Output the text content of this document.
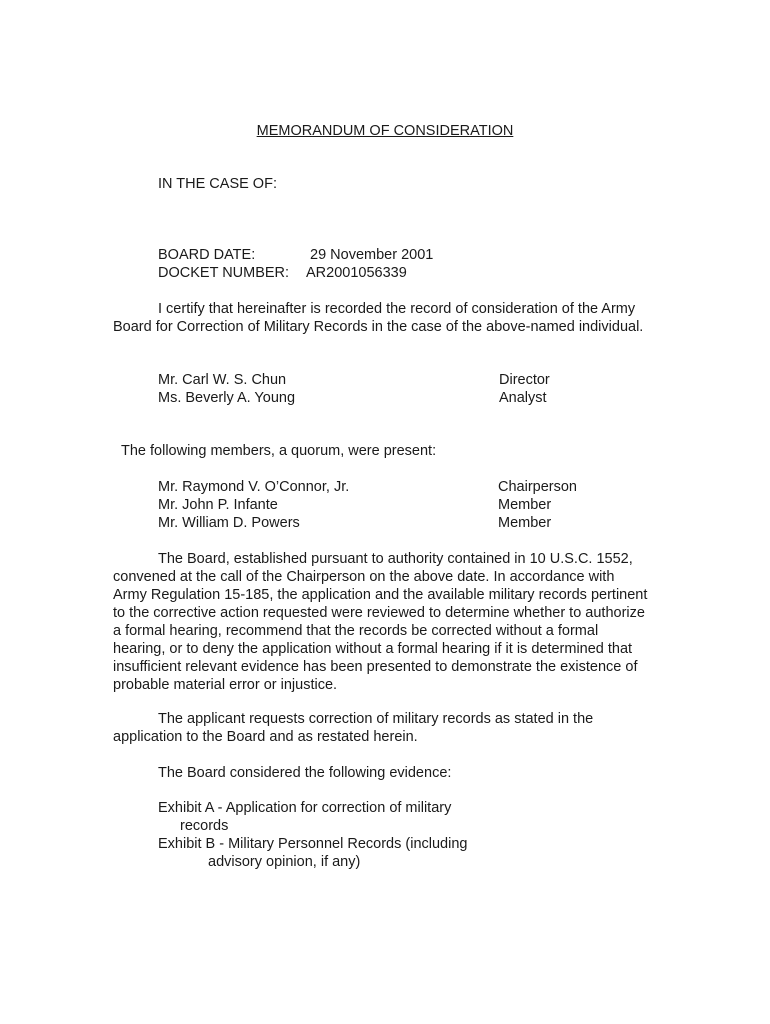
MEMORANDUM OF CONSIDERATION
IN THE CASE OF:
BOARD DATE:	29 November 2001
DOCKET NUMBER: AR2001056339

I certify that hereinafter is recorded the record of consideration of the Army Board for Correction of Military Records in the case of the above-named individual.

Mr. Carl W. S. Chun	Director
Ms. Beverly A. Young	Analyst
The following members, a quorum, were present:
Mr. Raymond V. O’Connor, Jr.	Chairperson
Mr. John P. Infante	Member
Mr. William D. Powers	Member

The Board, established pursuant to authority contained in 10 U.S.C. 1552, convened at the call of the Chairperson on the above date. In accordance with Army Regulation 15-185, the application and the available military records pertinent to the corrective action requested were reviewed to determine whether to authorize a formal hearing, recommend that the records be corrected without a formal hearing, or to deny the application without a formal hearing if it is determined that insufficient relevant evidence has been presented to demonstrate the existence of probable material error or injustice.

The applicant requests correction of military records as stated in the application to the Board and as restated herein.

The Board considered the following evidence:
Exhibit A - Application for correction of military
records
Exhibit B - Military Personnel Records (including
advisory opinion, if any)
